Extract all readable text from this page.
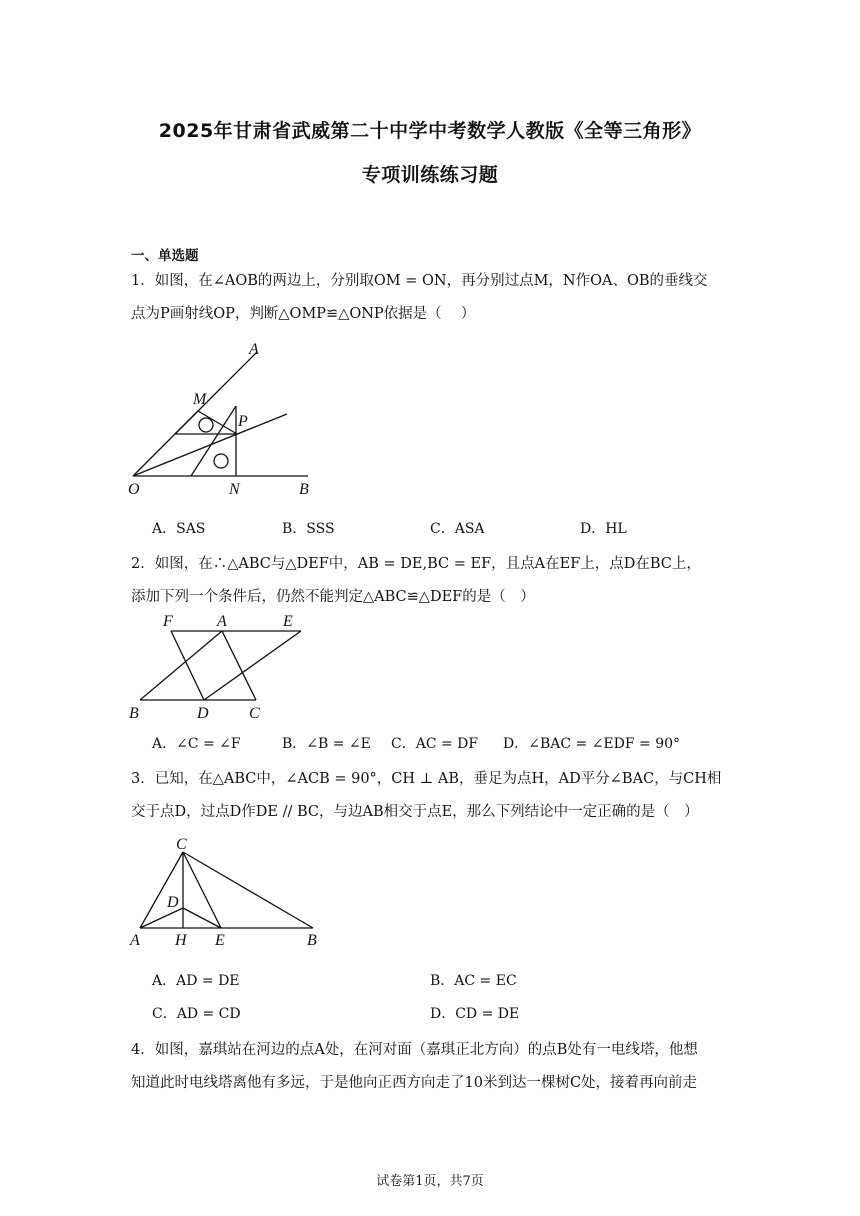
2025年甘肃省武威第二十中学中考数学人教版《全等三角形》
专项训练练习题
一、单选题
1．如图，在∠AOB的两边上，分别取OM = ON，再分别过点M，N作OA、OB的垂线交
点为P画射线OP，判断△OMP≌△ONP依据是（　 ）
A
M
P
O	N	B
A．SAS	B．SSS	C．ASA	D．HL
2．如图，在∴△ABC与△DEF中，AB = DE,BC = EF，且点A在EF上，点D在BC上，
添加下列一个条件后，仍然不能判定△ABC≌△DEF的是（　）
F	A	E
B	D	C
A．∠C = ∠F	B．∠B = ∠E C．AC = DF D．∠BAC = ∠EDF = 90°
3．已知，在△ABC中，∠ACB = 90°，CH ⊥ AB，垂足为点H，AD平分∠BAC，与CH相
交于点D，过点D作DE // BC，与边AB相交于点E，那么下列结论中一定正确的是（　）
C
D
A H E	B
A．AD = DE	B．AC = EC
C．AD = CD	D．CD = DE
4．如图，嘉琪站在河边的点A处，在河对面（嘉琪正北方向）的点B处有一电线塔，他想
知道此时电线塔离他有多远，于是他向正西方向走了10米到达一棵树C处，接着再向前走
试卷第1页，共7页
